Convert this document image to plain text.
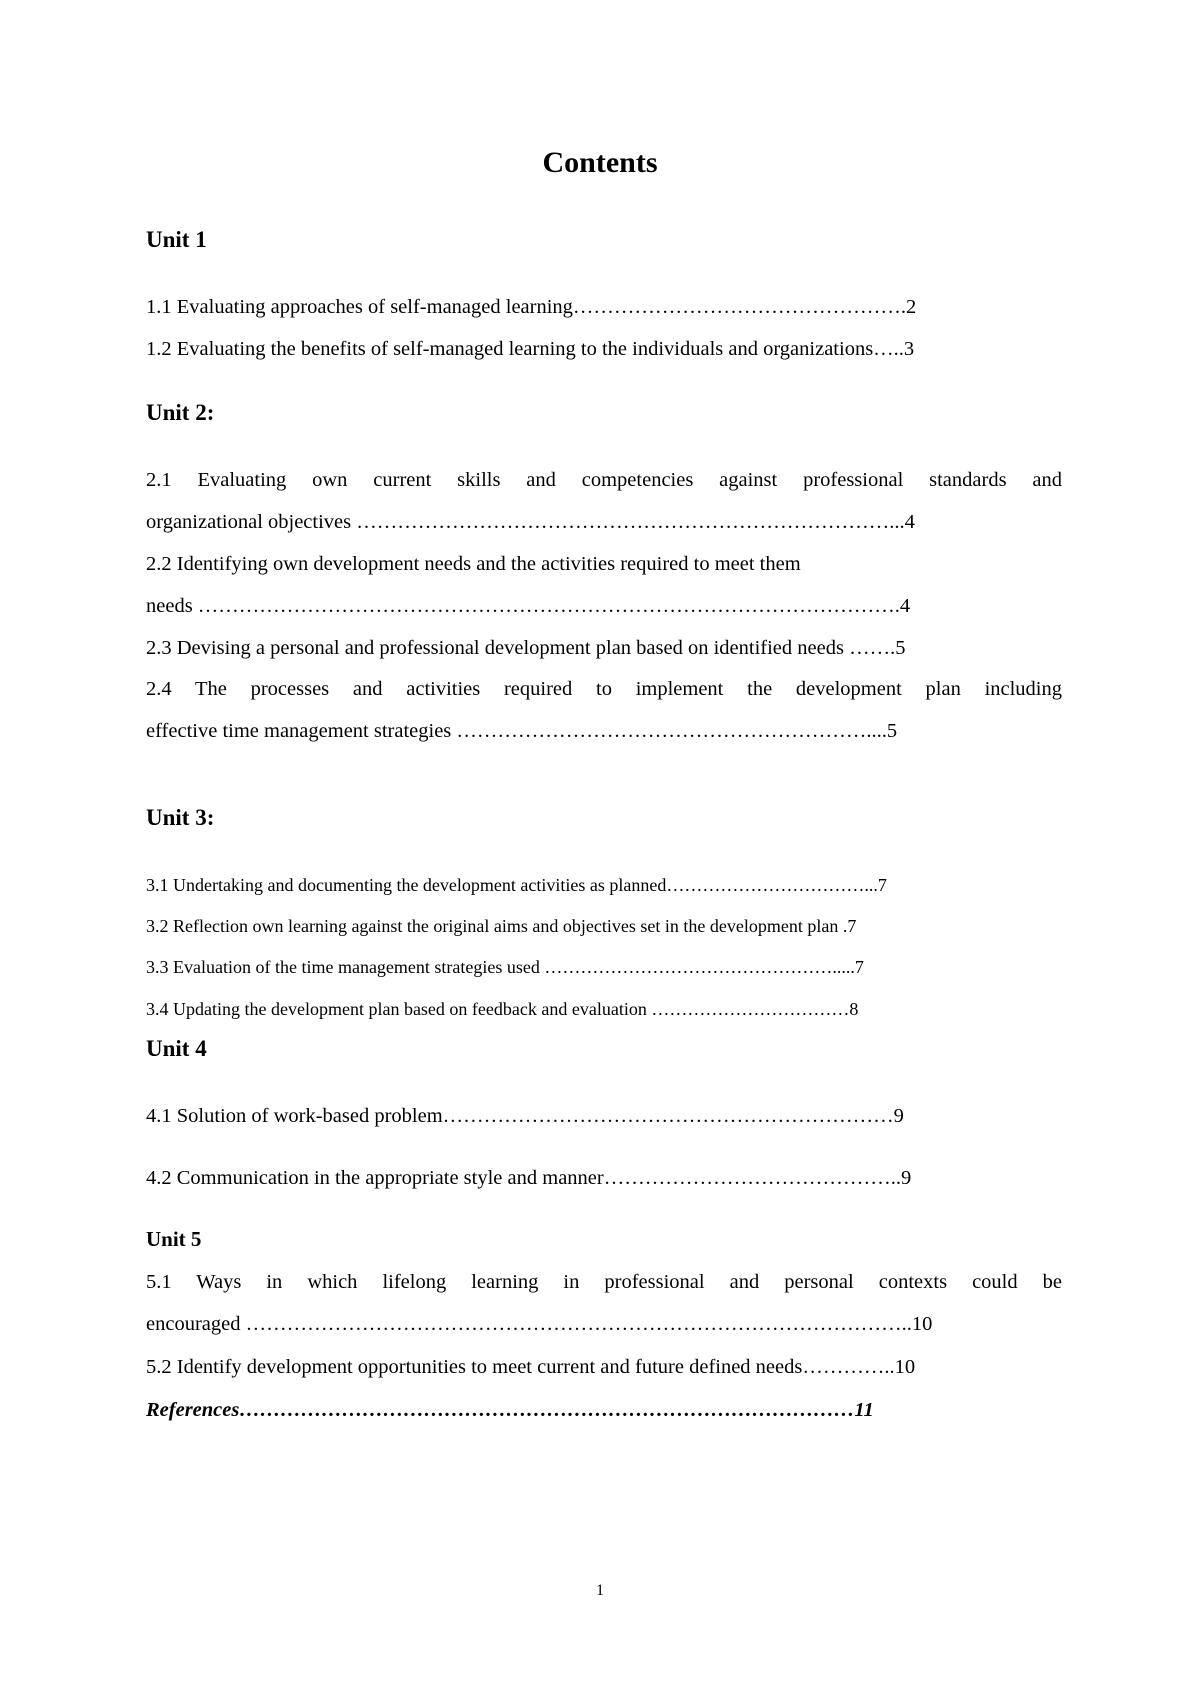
Contents
Unit 1
1.1 Evaluating approaches of self-managed learning………………………………………….2
1.2 Evaluating the benefits of self-managed learning to the individuals and organizations…..3
Unit 2:
2.1 Evaluating own current skills and competencies against professional standards and
organizational objectives ……………………………………………………………………...4
2.2 Identifying own development needs and the activities required to meet them
needs ………………………………………………………………………………………….4
2.3 Devising a personal and professional development plan based on identified needs …….5
2.4 The processes and activities required to implement the development plan including
effective time management strategies ……………………………………………………....5
Unit 3:
3.1 Undertaking and documenting the development activities as planned……………………………...7
3.2 Reflection own learning against the original aims and objectives set in the development plan .7
3.3 Evaluation of the time management strategies used ………………………………………….....7
3.4 Updating the development plan based on feedback and evaluation ……………………………8
Unit 4
4.1 Solution of work-based problem…………………………………………………………9
4.2 Communication in the appropriate style and manner……………………………………..9
Unit 5
5.1 Ways in which lifelong learning in professional and personal contexts could be
encouraged ……………………………………………………………………………………..10
5.2 Identify development opportunities to meet current and future defined needs…………..10
References………………………………………………………………………………11
1
